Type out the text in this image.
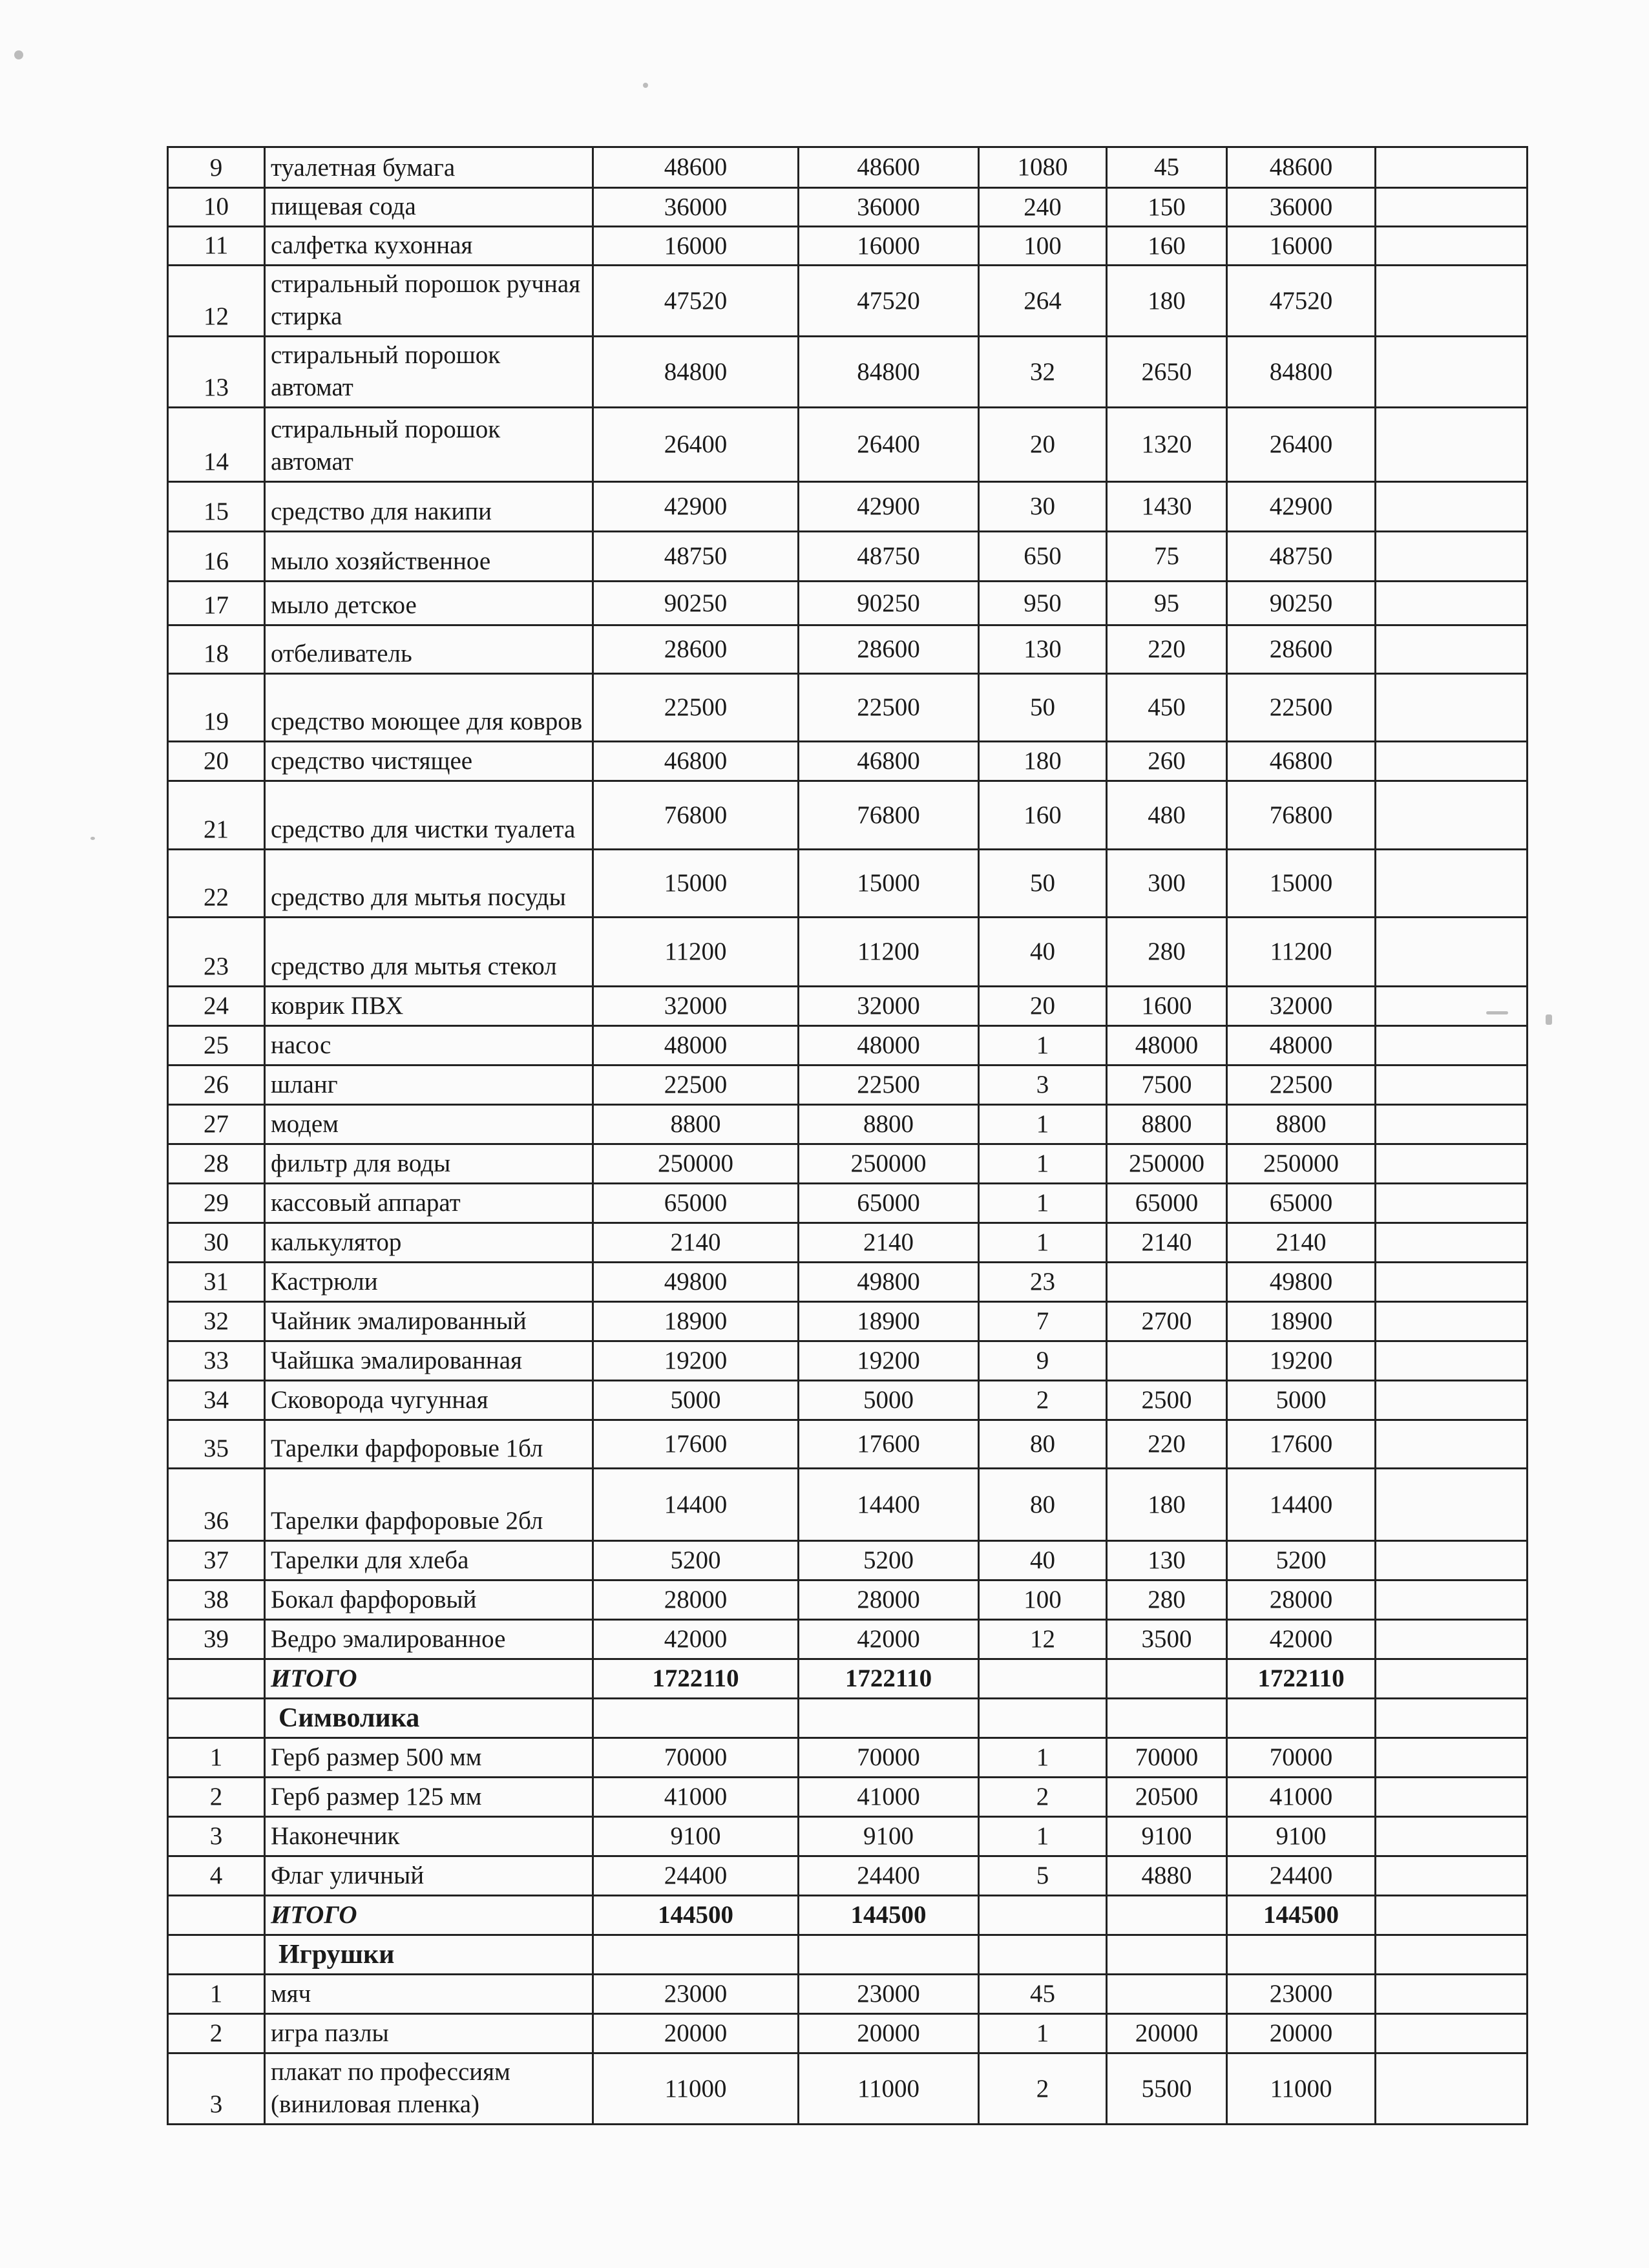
9	туалетная бумага	48600	48600	1080	45	48600	
10	пищевая сода	36000	36000	240	150	36000	
11	салфетка кухонная	16000	16000	100	160	16000	
12	стиральный порошок ручная стирка	47520	47520	264	180	47520	
13	стиральный порошок автомат	84800	84800	32	2650	84800	
14	стиральный порошок автомат	26400	26400	20	1320	26400	
15	средство для накипи	42900	42900	30	1430	42900	
16	мыло хозяйственное	48750	48750	650	75	48750	
17	мыло детское	90250	90250	950	95	90250	
18	отбеливатель	28600	28600	130	220	28600	
19	средство моющее для ковров	22500	22500	50	450	22500	
20	средство чистящее	46800	46800	180	260	46800	
21	средство для чистки туалета	76800	76800	160	480	76800	
22	средство для мытья посуды	15000	15000	50	300	15000	
23	средство для мытья стекол	11200	11200	40	280	11200	
24	коврик ПВХ	32000	32000	20	1600	32000	
25	насос	48000	48000	1	48000	48000	
26	шланг	22500	22500	3	7500	22500	
27	модем	8800	8800	1	8800	8800	
28	фильтр для воды	250000	250000	1	250000	250000	
29	кассовый аппарат	65000	65000	1	65000	65000	
30	калькулятор	2140	2140	1	2140	2140	
31	Кастрюли	49800	49800	23		49800	
32	Чайник эмалированный	18900	18900	7	2700	18900	
33	Чайшка эмалированная	19200	19200	9		19200	
34	Сковорода чугунная	5000	5000	2	2500	5000	
35	Тарелки фарфоровые 1бл	17600	17600	80	220	17600	
36	Тарелки фарфоровые 2бл	14400	14400	80	180	14400	
37	Тарелки для хлеба	5200	5200	40	130	5200	
38	Бокал фарфоровый	28000	28000	100	280	28000	
39	Ведро эмалированное	42000	42000	12	3500	42000	
	ИТОГО	1722110	1722110			1722110	
	Символика						
1	Герб размер 500 мм	70000	70000	1	70000	70000	
2	Герб размер 125 мм	41000	41000	2	20500	41000	
3	Наконечник	9100	9100	1	9100	9100	
4	Флаг уличный	24400	24400	5	4880	24400	
	ИТОГО	144500	144500			144500	
	Игрушки						
1	мяч	23000	23000	45		23000	
2	игра пазлы	20000	20000	1	20000	20000	
3	плакат по профессиям (виниловая пленка)	11000	11000	2	5500	11000	
